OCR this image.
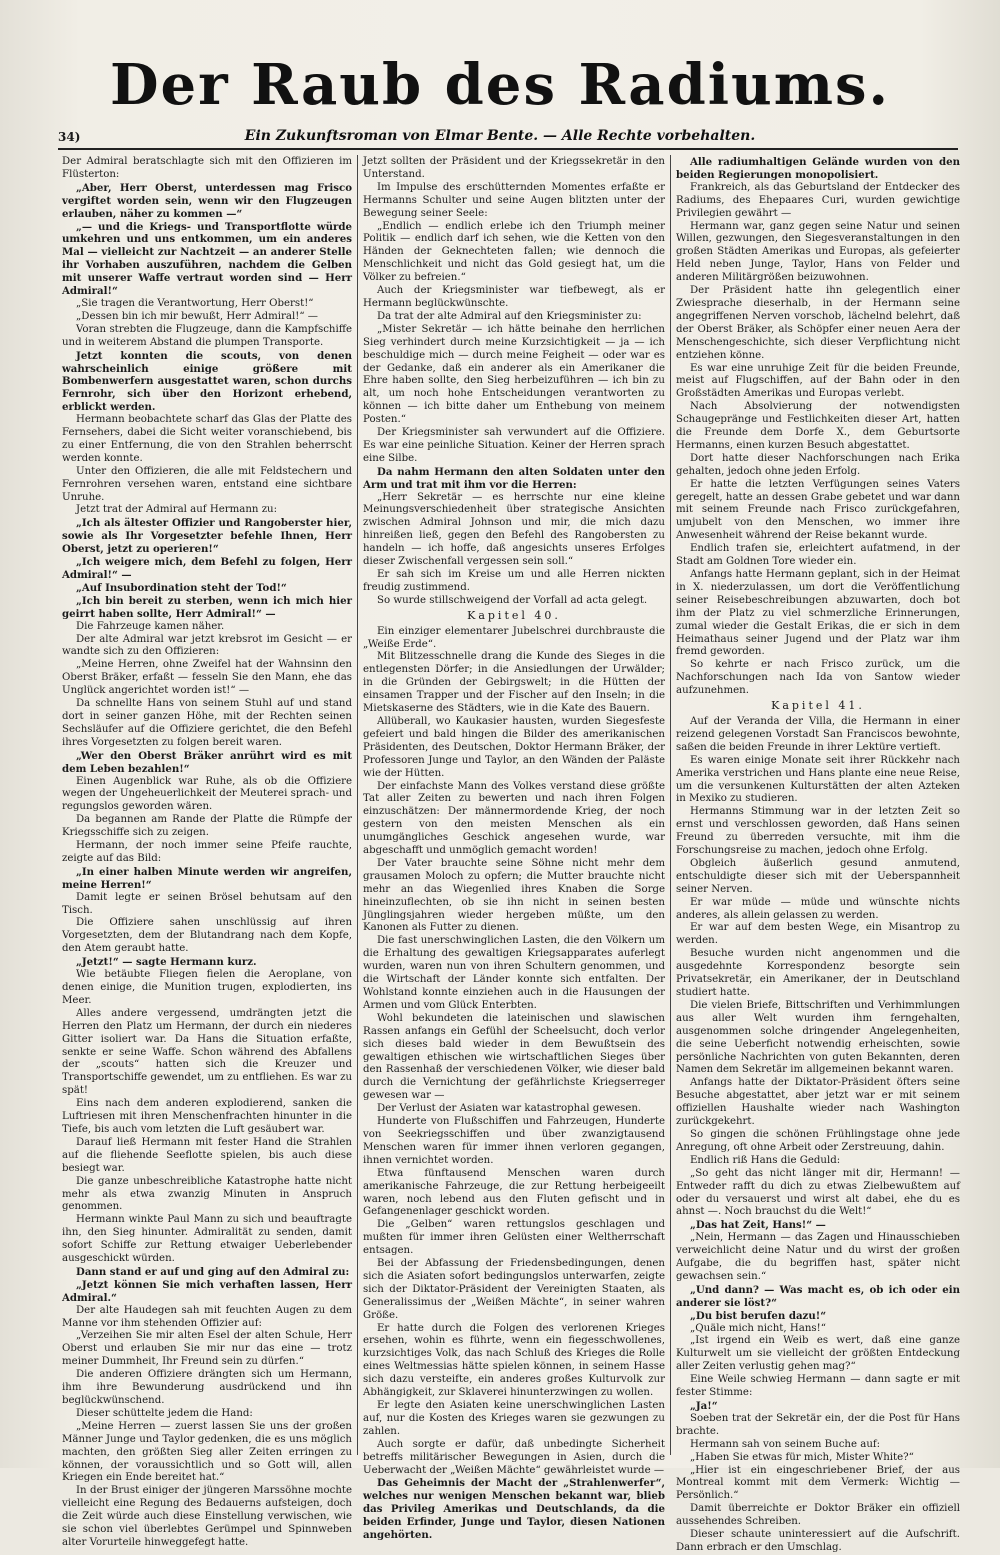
Der Raub des Radiums.
34)	Ein Zukunftsroman von Elmar Bente. — Alle Rechte vorbehalten.

Der Admiral beratschlagte sich mit den Offizieren im Flüsterton:

„Aber, Herr Oberst, unterdessen mag Frisco vergiftet worden sein, wenn wir den Flugzeugen erlauben, näher zu kommen —“

„— und die Kriegs- und Transportflotte würde umkehren und uns entkommen, um ein anderes Mal — vielleicht zur Nachtzeit — an anderer Stelle ihr Vorhaben auszuführen, nachdem die Gelben mit unserer Waffe vertraut worden sind — Herr Admiral!“

„Sie tragen die Verantwortung, Herr Oberst!“

„Dessen bin ich mir bewußt, Herr Admiral!“ —

Voran strebten die Flugzeuge, dann die Kampfschiffe und in weiterem Abstand die plumpen Transporte.

Jetzt konnten die scouts, von denen wahrscheinlich einige größere mit Bombenwerfern ausgestattet waren, schon durchs Fernrohr, sich über den Horizont erhebend, erblickt werden.

Hermann beobachtete scharf das Glas der Platte des Fernsehers, dabei die Sicht weiter voranschiebend, bis zu einer Entfernung, die von den Strahlen beherrscht werden konnte.

Unter den Offizieren, die alle mit Feldstechern und Fernrohren versehen waren, entstand eine sichtbare Unruhe.

Jetzt trat der Admiral auf Hermann zu:

„Ich als ältester Offizier und Rangoberster hier, sowie als Ihr Vorgesetzter befehle Ihnen, Herr Oberst, jetzt zu operieren!“

„Ich weigere mich, dem Befehl zu folgen, Herr Admiral!“ —

„Auf Insubordination steht der Tod!“

„Ich bin bereit zu sterben, wenn ich mich hier geirrt haben sollte, Herr Admiral!“ —

Die Fahrzeuge kamen näher.

Der alte Admiral war jetzt krebsrot im Gesicht — er wandte sich zu den Offizieren:

„Meine Herren, ohne Zweifel hat der Wahnsinn den Oberst Bräker, erfaßt — fesseln Sie den Mann, ehe das Unglück angerichtet worden ist!“ —

Da schnellte Hans von seinem Stuhl auf und stand dort in seiner ganzen Höhe, mit der Rechten seinen Sechsläufer auf die Offiziere gerichtet, die den Befehl ihres Vorgesetzten zu folgen bereit waren.

„Wer den Oberst Bräker anrührt wird es mit dem Leben bezahlen!“

Einen Augenblick war Ruhe, als ob die Offiziere wegen der Ungeheuerlichkeit der Meuterei sprach- und regungslos geworden wären.

Da begannen am Rande der Platte die Rümpfe der Kriegsschiffe sich zu zeigen.

Hermann, der noch immer seine Pfeife rauchte, zeigte auf das Bild:

„In einer halben Minute werden wir angreifen, meine Herren!“

Damit legte er seinen Brösel behutsam auf den Tisch.

Die Offiziere sahen unschlüssig auf ihren Vorgesetzten, dem der Blutandrang nach dem Kopfe, den Atem geraubt hatte.

„Jetzt!“ — sagte Hermann kurz.

Wie betäubte Fliegen fielen die Aeroplane, von denen einige, die Munition trugen, explodierten, ins Meer.

Alles andere vergessend, umdrängten jetzt die Herren den Platz um Hermann, der durch ein niederes Gitter isoliert war. Da Hans die Situation erfaßte, senkte er seine Waffe. Schon während des Abfallens der „scouts“ hatten sich die Kreuzer und Transportschiffe gewendet, um zu entfliehen. Es war zu spät!

Eins nach dem anderen explodierend, sanken die Luftriesen mit ihren Menschenfrachten hinunter in die Tiefe, bis auch vom letzten die Luft gesäubert war.

Darauf ließ Hermann mit fester Hand die Strahlen auf die fliehende Seeflotte spielen, bis auch diese besiegt war.

Die ganze unbeschreibliche Katastrophe hatte nicht mehr als etwa zwanzig Minuten in Anspruch genommen.

Hermann winkte Paul Mann zu sich und beauftragte ihn, den Sieg hinunter. Admiralität zu senden, damit sofort Schiffe zur Rettung etwaiger Ueberlebender ausgeschickt würden.

Dann stand er auf und ging auf den Admiral zu:

„Jetzt können Sie mich verhaften lassen, Herr Admiral.“

Der alte Haudegen sah mit feuchten Augen zu dem Manne vor ihm stehenden Offizier auf:

„Verzeihen Sie mir alten Esel der alten Schule, Herr Oberst und erlauben Sie mir nur das eine — trotz meiner Dummheit, Ihr Freund sein zu dürfen.“

Die anderen Offiziere drängten sich um Hermann, ihm ihre Bewunderung ausdrückend und ihn beglückwünschend.

Dieser schüttelte jedem die Hand:

„Meine Herren — zuerst lassen Sie uns der großen Männer Junge und Taylor gedenken, die es uns möglich machten, den größten Sieg aller Zeiten erringen zu können, der voraussichtlich und so Gott will, allen Kriegen ein Ende bereitet hat.“

In der Brust einiger der jüngeren Marssöhne mochte vielleicht eine Regung des Bedauerns aufsteigen, doch die Zeit würde auch diese Einstellung verwischen, wie sie schon viel überlebtes Gerümpel und Spinnweben alter Vorurteile hinweggefegt hatte.

Jetzt sollten der Präsident und der Kriegssekretär in den Unterstand.

Im Impulse des erschütternden Momentes erfaßte er Hermanns Schulter und seine Augen blitzten unter der Bewegung seiner Seele:

„Endlich — endlich erlebe ich den Triumph meiner Politik — endlich darf ich sehen, wie die Ketten von den Händen der Geknechteten fallen; wie dennoch die Menschlichkeit und nicht das Gold gesiegt hat, um die Völker zu befreien.“

Auch der Kriegsminister war tiefbewegt, als er Hermann beglückwünschte.

Da trat der alte Admiral auf den Kriegsminister zu:

„Mister Sekretär — ich hätte beinahe den herrlichen Sieg verhindert durch meine Kurzsichtigkeit — ja — ich beschuldige mich — durch meine Feigheit — oder war es der Gedanke, daß ein anderer als ein Amerikaner die Ehre haben sollte, den Sieg herbeizuführen — ich bin zu alt, um noch hohe Entscheidungen verantworten zu können — ich bitte daher um Enthebung von meinem Posten.“

Der Kriegsminister sah verwundert auf die Offiziere. Es war eine peinliche Situation. Keiner der Herren sprach eine Silbe.

Da nahm Hermann den alten Soldaten unter den Arm und trat mit ihm vor die Herren:

„Herr Sekretär — es herrschte nur eine kleine Meinungsverschiedenheit über strategische Ansichten zwischen Admiral Johnson und mir, die mich dazu hinreißen ließ, gegen den Befehl des Rangobersten zu handeln — ich hoffe, daß angesichts unseres Erfolges dieser Zwischenfall vergessen sein soll.“

Er sah sich im Kreise um und alle Herren nickten freudig zustimmend.

So wurde stillschweigend der Vorfall ad acta gelegt.

Kapitel 40.

Ein einziger elementarer Jubelschrei durchbrauste die „Weiße Erde“.

Mit Blitzesschnelle drang die Kunde des Sieges in die entlegensten Dörfer; in die Ansiedlungen der Urwälder; in die Gründen der Gebirgswelt; in die Hütten der einsamen Trapper und der Fischer auf den Inseln; in die Mietskaserne des Städters, wie in die Kate des Bauern.

Allüberall, wo Kaukasier hausten, wurden Siegesfeste gefeiert und bald hingen die Bilder des amerikanischen Präsidenten, des Deutschen, Doktor Hermann Bräker, der Professoren Junge und Taylor, an den Wänden der Paläste wie der Hütten.

Der einfachste Mann des Volkes verstand diese größte Tat aller Zeiten zu bewerten und nach ihren Folgen einzuschätzen: Der männermordende Krieg, der noch gestern von den meisten Menschen als ein unumgängliches Geschick angesehen wurde, war abgeschafft und unmöglich gemacht worden!

Der Vater brauchte seine Söhne nicht mehr dem grausamen Moloch zu opfern; die Mutter brauchte nicht mehr an das Wiegenlied ihres Knaben die Sorge hineinzuflechten, ob sie ihn nicht in seinen besten Jünglingsjahren wieder hergeben müßte, um den Kanonen als Futter zu dienen.

Die fast unerschwinglichen Lasten, die den Völkern um die Erhaltung des gewaltigen Kriegsapparates auferlegt wurden, waren nun von ihren Schultern genommen, und die Wirtschaft der Länder konnte sich entfalten. Der Wohlstand konnte einziehen auch in die Hausungen der Armen und vom Glück Enterbten.

Wohl bekundeten die lateinischen und slawischen Rassen anfangs ein Gefühl der Scheelsucht, doch verlor sich dieses bald wieder in dem Bewußtsein des gewaltigen ethischen wie wirtschaftlichen Sieges über den Rassenhaß der verschiedenen Völker, wie dieser bald durch die Vernichtung der gefährlichste Kriegserreger gewesen war —

Der Verlust der Asiaten war katastrophal gewesen.

Hunderte von Flußschiffen und Fahrzeugen, Hunderte von Seekriegsschiffen und über zwanzigtausend Menschen waren für immer ihnen verloren gegangen, ihnen vernichtet worden.

Etwa fünftausend Menschen waren durch amerikanische Fahrzeuge, die zur Rettung herbeigeeilt waren, noch lebend aus den Fluten gefischt und in Gefangenenlager geschickt worden.

Die „Gelben“ waren rettungslos geschlagen und mußten für immer ihren Gelüsten einer Weltherrschaft entsagen.

Bei der Abfassung der Friedensbedingungen, denen sich die Asiaten sofort bedingungslos unterwarfen, zeigte sich der Diktator-Präsident der Vereinigten Staaten, als Generalissimus der „Weißen Mächte“, in seiner wahren Größe.

Er hatte durch die Folgen des verlorenen Krieges ersehen, wohin es führte, wenn ein fiegesschwollenes, kurzsichtiges Volk, das nach Schluß des Krieges die Rolle eines Weltmessias hätte spielen können, in seinem Hasse sich dazu versteifte, ein anderes großes Kulturvolk zur Abhängigkeit, zur Sklaverei hinunterzwingen zu wollen.

Er legte den Asiaten keine unerschwinglichen Lasten auf, nur die Kosten des Krieges waren sie gezwungen zu zahlen.

Auch sorgte er dafür, daß unbedingte Sicherheit betreffs militärischer Bewegungen in Asien, durch die Ueberwacht der „Weißen Mächte“ gewährleistet wurde —

Das Geheimnis der Macht der „Strahlenwerfer“, welches nur wenigen Menschen bekannt war, blieb das Privileg Amerikas und Deutschlands, da die beiden Erfinder, Junge und Taylor, diesen Nationen angehörten.

Alle radiumhaltigen Gelände wurden von den beiden Regierungen monopolisiert.

Frankreich, als das Geburtsland der Entdecker des Radiums, des Ehepaares Curi, wurden gewichtige Privilegien gewährt —

Hermann war, ganz gegen seine Natur und seinen Willen, gezwungen, den Siegesveranstaltungen in den großen Städten Amerikas und Europas, als gefeierter Held neben Junge, Taylor, Hans von Felder und anderen Militärgrößen beizuwohnen.

Der Präsident hatte ihn gelegentlich einer Zwiesprache dieserhalb, in der Hermann seine angegriffenen Nerven vorschob, lächelnd belehrt, daß der Oberst Bräker, als Schöpfer einer neuen Aera der Menschengeschichte, sich dieser Verpflichtung nicht entziehen könne.

Es war eine unruhige Zeit für die beiden Freunde, meist auf Flugschiffen, auf der Bahn oder in den Großstädten Amerikas und Europas verlebt.

Nach Absolvierung der notwendigsten Schaugepränge und Festlichkeiten dieser Art, hatten die Freunde dem Dorfe X., dem Geburtsorte Hermanns, einen kurzen Besuch abgestattet.

Dort hatte dieser Nachforschungen nach Erika gehalten, jedoch ohne jeden Erfolg.

Er hatte die letzten Verfügungen seines Vaters geregelt, hatte an dessen Grabe gebetet und war dann mit seinem Freunde nach Frisco zurückgefahren, umjubelt von den Menschen, wo immer ihre Anwesenheit während der Reise bekannt wurde.

Endlich trafen sie, erleichtert aufatmend, in der Stadt am Goldnen Tore wieder ein.

Anfangs hatte Hermann geplant, sich in der Heimat in X. niederzulassen, um dort die Veröffentlichung seiner Reisebeschreibungen abzuwarten, doch bot ihm der Platz zu viel schmerzliche Erinnerungen, zumal wieder die Gestalt Erikas, die er sich in dem Heimathaus seiner Jugend und der Platz war ihm fremd geworden.

So kehrte er nach Frisco zurück, um die Nachforschungen nach Ida von Santow wieder aufzunehmen.

Kapitel 41.

Auf der Veranda der Villa, die Hermann in einer reizend gelegenen Vorstadt San Franciscos bewohnte, saßen die beiden Freunde in ihrer Lektüre vertieft.

Es waren einige Monate seit ihrer Rückkehr nach Amerika verstrichen und Hans plante eine neue Reise, um die versunkenen Kulturstätten der alten Azteken in Mexiko zu studieren.

Hermanns Stimmung war in der letzten Zeit so ernst und verschlossen geworden, daß Hans seinen Freund zu überreden versuchte, mit ihm die Forschungsreise zu machen, jedoch ohne Erfolg.

Obgleich äußerlich gesund anmutend, entschuldigte dieser sich mit der Ueberspannheit seiner Nerven.

Er war müde — müde und wünschte nichts anderes, als allein gelassen zu werden.

Er war auf dem besten Wege, ein Misantrop zu werden.

Besuche wurden nicht angenommen und die ausgedehnte Korrespondenz besorgte sein Privatsekretär, ein Amerikaner, der in Deutschland studiert hatte.

Die vielen Briefe, Bittschriften und Verhimmlungen aus aller Welt wurden ihm ferngehalten, ausgenommen solche dringender Angelegenheiten, die seine Ueberficht notwendig erheischten, sowie persönliche Nachrichten von guten Bekannten, deren Namen dem Sekretär im allgemeinen bekannt waren.

Anfangs hatte der Diktator-Präsident öfters seine Besuche abgestattet, aber jetzt war er mit seinem offiziellen Haushalte wieder nach Washington zurückgekehrt.

So gingen die schönen Frühlingstage ohne jede Anregung, oft ohne Arbeit oder Zerstreuung, dahin.

Endlich riß Hans die Geduld:

„So geht das nicht länger mit dir, Hermann! — Entweder rafft du dich zu etwas Zielbewußtem auf oder du versauerst und wirst alt dabei, ehe du es ahnst —. Noch brauchst du die Welt!“

„Das hat Zeit, Hans!“ —

„Nein, Hermann — das Zagen und Hinausschieben verweichlicht deine Natur und du wirst der großen Aufgabe, die du begriffen hast, später nicht gewachsen sein.“

„Und dann? — Was macht es, ob ich oder ein anderer sie löst?“

„Du bist berufen dazu!“

„Quäle mich nicht, Hans!“

„Ist irgend ein Weib es wert, daß eine ganze Kulturwelt um sie vielleicht der größten Entdeckung aller Zeiten verlustig gehen mag?“

Eine Weile schwieg Hermann — dann sagte er mit fester Stimme:

„Ja!“

Soeben trat der Sekretär ein, der die Post für Hans brachte.

Hermann sah von seinem Buche auf:

„Haben Sie etwas für mich, Mister White?“

„Hier ist ein eingeschriebener Brief, der aus Montreal kommt mit dem Vermerk: Wichtig — Persönlich.“

Damit überreichte er Doktor Bräker ein offiziell aussehendes Schreiben.

Dieser schaute uninteressiert auf die Aufschrift. Dann erbrach er den Umschlag.
